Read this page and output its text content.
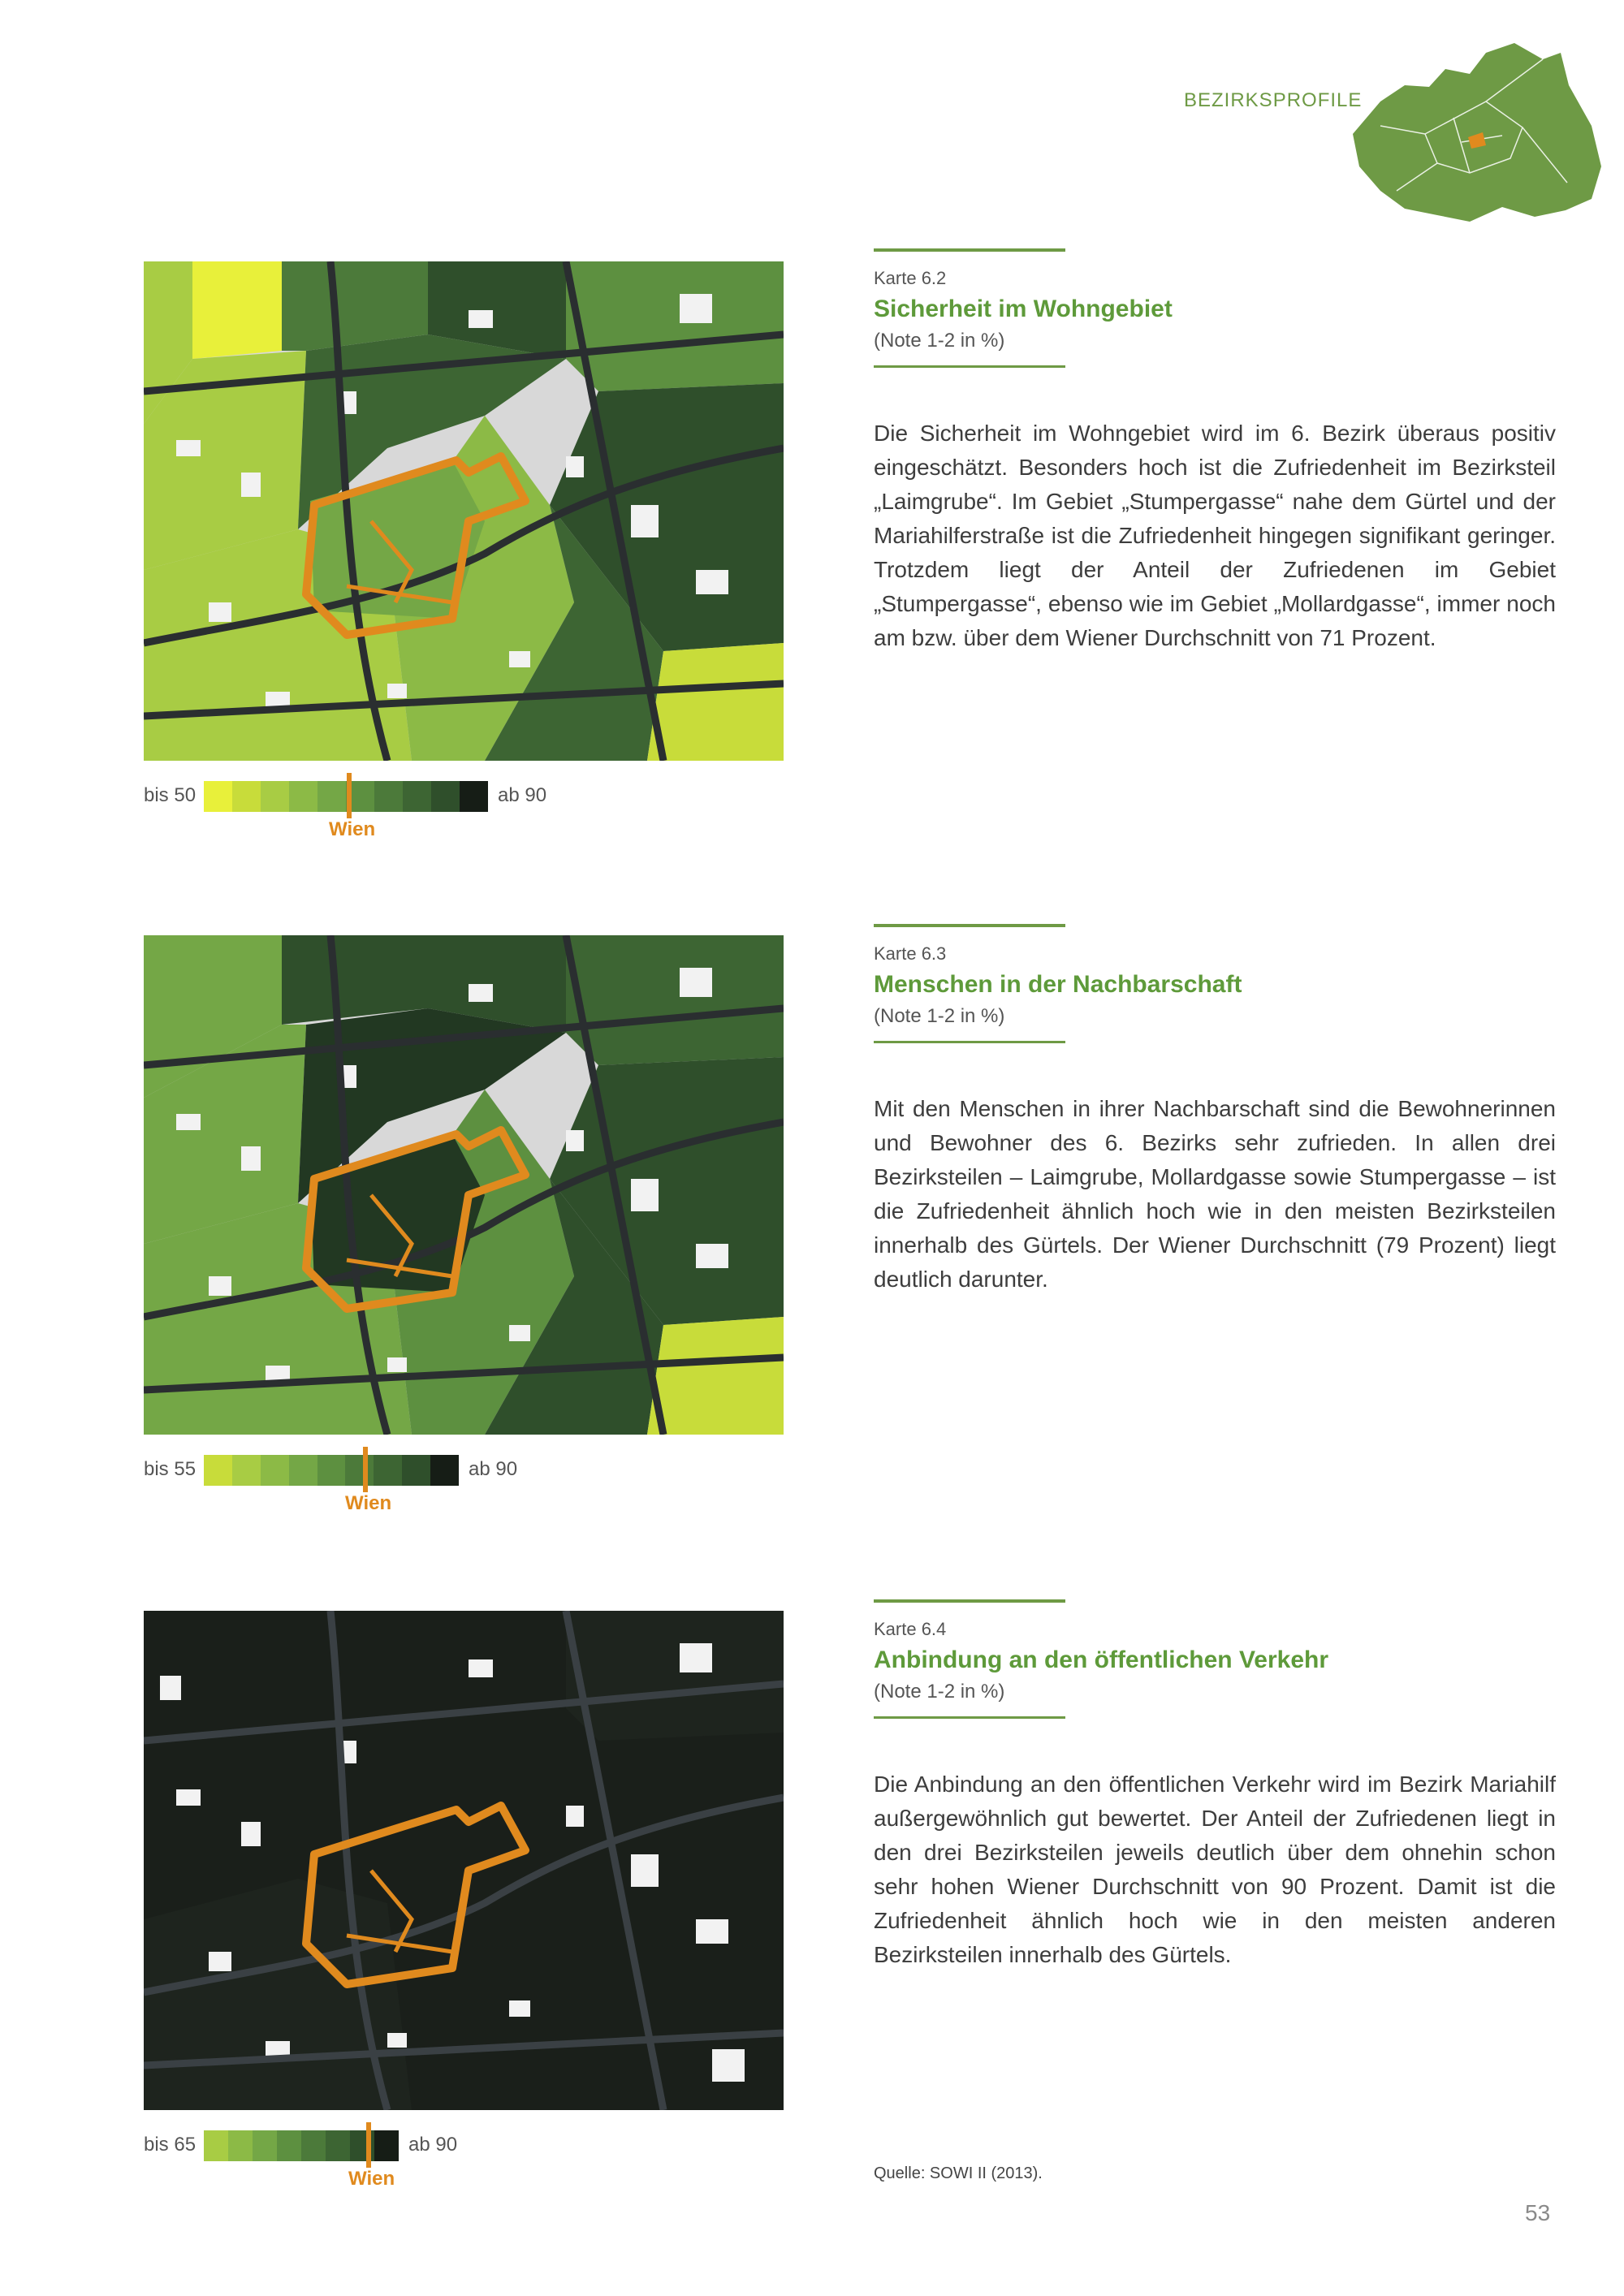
BEZIRKSPROFILE
bis 50	ab 90
Wien
Karte 6.2
Sicherheit im Wohngebiet
(Note 1-2 in %)
Die Sicherheit im Wohngebiet wird im 6. Bezirk überaus positiv eingeschätzt. Besonders hoch ist die Zufriedenheit im Bezirksteil „Laimgrube“. Im Gebiet „Stumpergasse“ nahe dem Gürtel und der Mariahilferstraße ist die Zufriedenheit hingegen signifikant geringer. Trotzdem liegt der Anteil der Zufriedenen im Gebiet „Stumpergasse“, ebenso wie im Gebiet „Mollardgasse“, immer noch am bzw. über dem Wiener Durchschnitt von 71 Prozent.
bis 55	ab 90
Wien
Karte 6.3
Menschen in der Nachbarschaft
(Note 1-2 in %)
Mit den Menschen in ihrer Nachbarschaft sind die Bewohnerinnen und Bewohner des 6. Bezirks sehr zufrieden. In allen drei Bezirksteilen – Laimgrube, Mollardgasse sowie Stumpergasse – ist die Zufriedenheit ähnlich hoch wie in den meisten Bezirksteilen innerhalb des Gürtels. Der Wiener Durchschnitt (79 Prozent) liegt deutlich darunter.
bis 65	ab 90
Wien
Karte 6.4
Anbindung an den öffentlichen Verkehr
(Note 1-2 in %)
Die Anbindung an den öffentlichen Verkehr wird im Bezirk Mariahilf außergewöhnlich gut bewertet. Der Anteil der Zufriedenen liegt in den drei Bezirksteilen jeweils deutlich über dem ohnehin schon sehr hohen Wiener Durchschnitt von 90 Prozent. Damit ist die Zufriedenheit ähnlich hoch wie in den meisten anderen Bezirksteilen innerhalb des Gürtels.
Quelle: SOWI II (2013).
53
